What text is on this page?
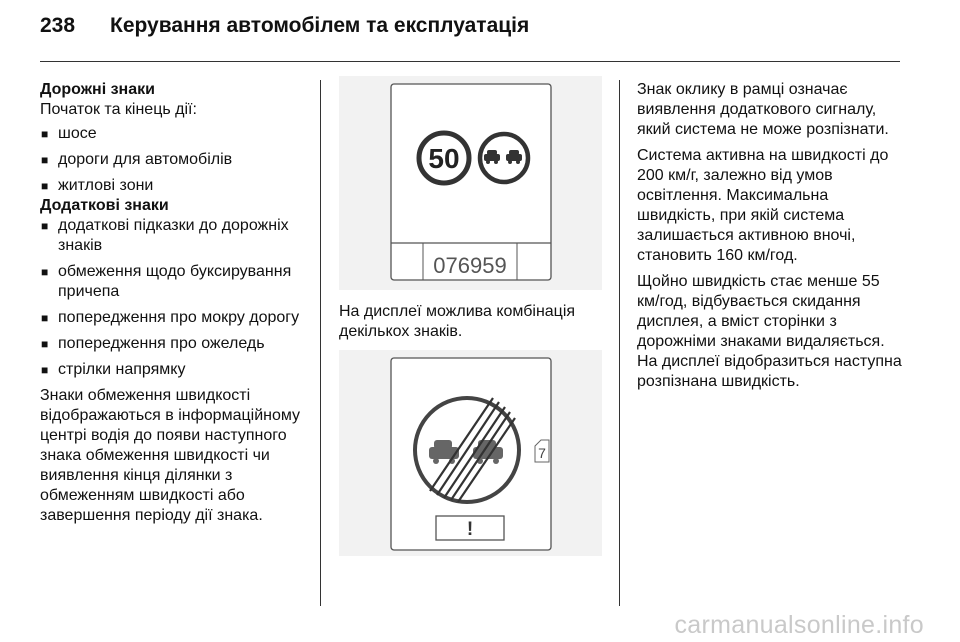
238 Керування автомобілем та експлуатація
Дорожні знаки

Початок та кінець дії:

■ шосе
■ дороги для автомобілів
■ житлові зони
Додаткові знаки
■ додаткові підказки до дорожніх знаків
■ обмеження щодо буксирування причепа
■ попередження про мокру дорогу
■ попередження про ожеледь
■ стрілки напрямку

Знаки обмеження швидкості відображаються в інформаційному центрі водія до появи наступного знака обмеження швидкості чи виявлення кінця ділянки з обмеженням швидкості або завершення періоду дії знака.

50
076959

На дисплеї можлива комбінація декількох знаків.

7
!

Знак оклику в рамці означає виявлення додаткового сигналу, який система не може розпізнати.

Система активна на швидкості до 200 км/г, залежно від умов освітлення. Максимальна швидкість, при якій система залишається активною вночі, становить 160 км/год.

Щойно швидкість стає менше 55 км/год, відбувається скидання дисплея, а вміст сторінки з дорожніми знаками видаляється. На дисплеї відобразиться наступна розпізнана швидкість.

carmanualsonline.info
